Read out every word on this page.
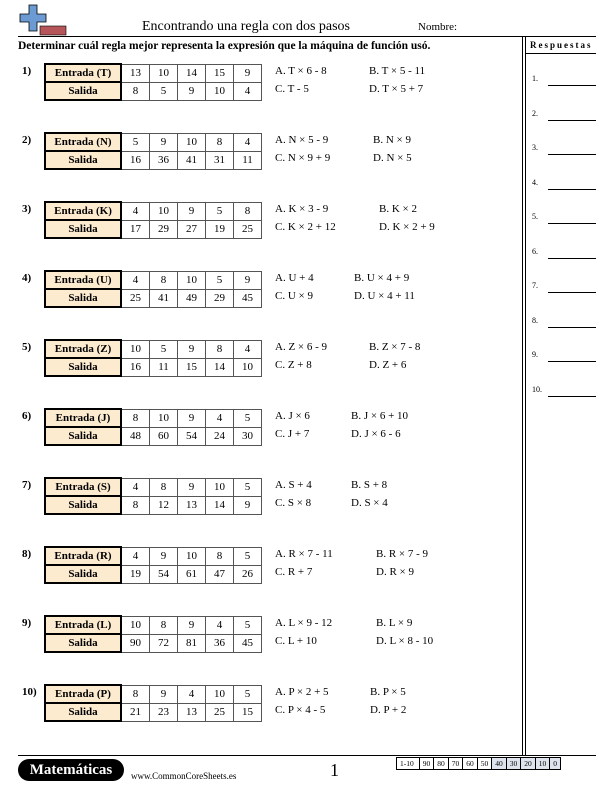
Encontrando una regla con dos pasos	Nombre:
Determinar cuál regla mejor representa la expresión que la máquina de función usó.	Respuestas
1.
2.
3.
4.
5.
6.
7.
8.
9.
10.
1) Entrada (T)	13	10	14	15	9
Salida	8	5	9	10	4
A. T × 6 - 8	B. T × 5 - 11
C. T - 5	D. T × 5 + 7
2) Entrada (N)	5	9	10	8	4
Salida	16	36	41	31	11
A. N × 5 - 9	B. N × 9
C. N × 9 + 9	D. N × 5
3) Entrada (K)	4	10	9	5	8
Salida	17	29	27	19	25
A. K × 3 - 9	B. K × 2
C. K × 2 + 12	D. K × 2 + 9
4) Entrada (U)	4	8	10	5	9
Salida	25	41	49	29	45
A. U + 4	B. U × 4 + 9
C. U × 9	D. U × 4 + 11
5) Entrada (Z)	10	5	9	8	4
Salida	16	11	15	14	10
A. Z × 6 - 9	B. Z × 7 - 8
C. Z + 8	D. Z + 6
6) Entrada (J)	8	10	9	4	5
Salida	48	60	54	24	30
A. J × 6	B. J × 6 + 10
C. J + 7	D. J × 6 - 6
7) Entrada (S)	4	8	9	10	5
Salida	8	12	13	14	9
A. S + 4	B. S + 8
C. S × 8	D. S × 4
8) Entrada (R)	4	9	10	8	5
Salida	19	54	61	47	26
A. R × 7 - 11	B. R × 7 - 9
C. R + 7	D. R × 9
9) Entrada (L)	10	8	9	4	5
Salida	90	72	81	36	45
A. L × 9 - 12	B. L × 9
C. L + 10	D. L × 8 - 10
10) Entrada (P)	8	9	4	10	5
Salida	21	23	13	25	15
A. P × 2 + 5	B. P × 5
C. P × 4 - 5	D. P + 2
Matemáticas	www.CommonCoreSheets.es	1	1-10	90	80	70	60	50	40	30	20	10	0
